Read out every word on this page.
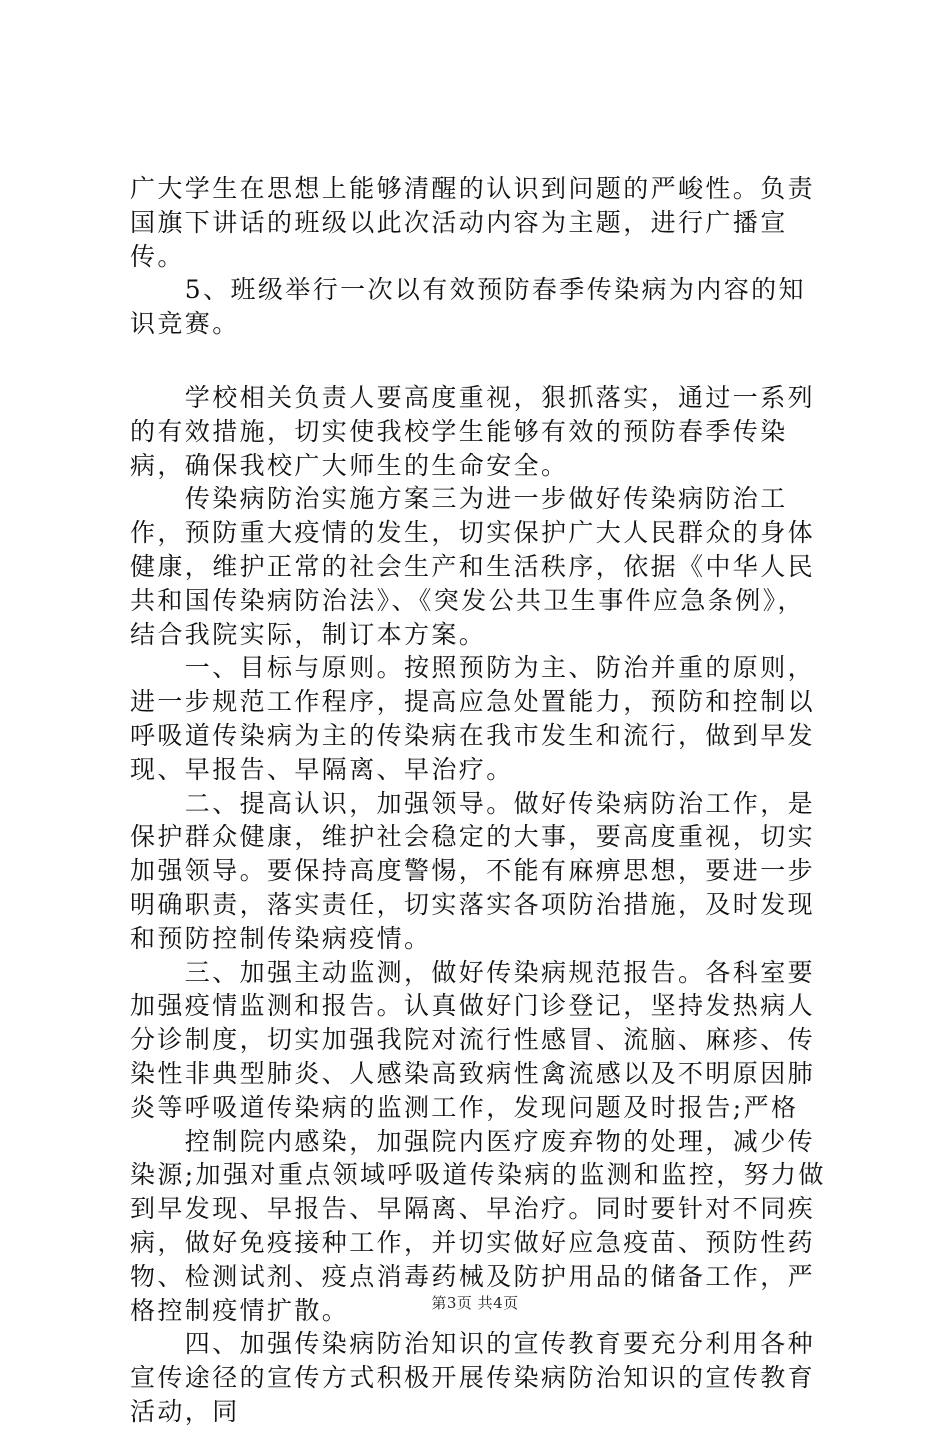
广大学生在思想上能够清醒的认识到问题的严峻性。负责国旗下讲话的班级以此次活动内容为主题，进行广播宣传。

　　5、班级举行一次以有效预防春季传染病为内容的知识竞赛。

　　学校相关负责人要高度重视，狠抓落实，通过一系列的有效措施，切实使我校学生能够有效的预防春季传染病，确保我校广大师生的生命安全。

　　传染病防治实施方案三为进一步做好传染病防治工作，预防重大疫情的发生，切实保护广大人民群众的身体健康，维护正常的社会生产和生活秩序，依据《中华人民共和国传染病防治法》、《突发公共卫生事件应急条例》，结合我院实际，制订本方案。

　　一、目标与原则。按照预防为主、防治并重的原则，进一步规范工作程序，提高应急处置能力，预防和控制以呼吸道传染病为主的传染病在我市发生和流行，做到早发现、早报告、早隔离、早治疗。

　　二、提高认识，加强领导。做好传染病防治工作，是保护群众健康，维护社会稳定的大事，要高度重视，切实加强领导。要保持高度警惕，不能有麻痹思想，要进一步明确职责，落实责任，切实落实各项防治措施，及时发现和预防控制传染病疫情。

　　三、加强主动监测，做好传染病规范报告。各科室要加强疫情监测和报告。认真做好门诊登记，坚持发热病人分诊制度，切实加强我院对流行性感冒、流脑、麻疹、传染性非典型肺炎、人感染高致病性禽流感以及不明原因肺炎等呼吸道传染病的监测工作，发现问题及时报告;严格

　　控制院内感染，加强院内医疗废弃物的处理，减少传染源;加强对重点领域呼吸道传染病的监测和监控，努力做到早发现、早报告、早隔离、早治疗。同时要针对不同疾病，做好免疫接种工作，并切实做好应急疫苗、预防性药物、检测试剂、疫点消毒药械及防护用品的储备工作，严格控制疫情扩散。

　　四、加强传染病防治知识的宣传教育要充分利用各种宣传途径的宣传方式积极开展传染病防治知识的宣传教育活动，同

第3页 共4页
